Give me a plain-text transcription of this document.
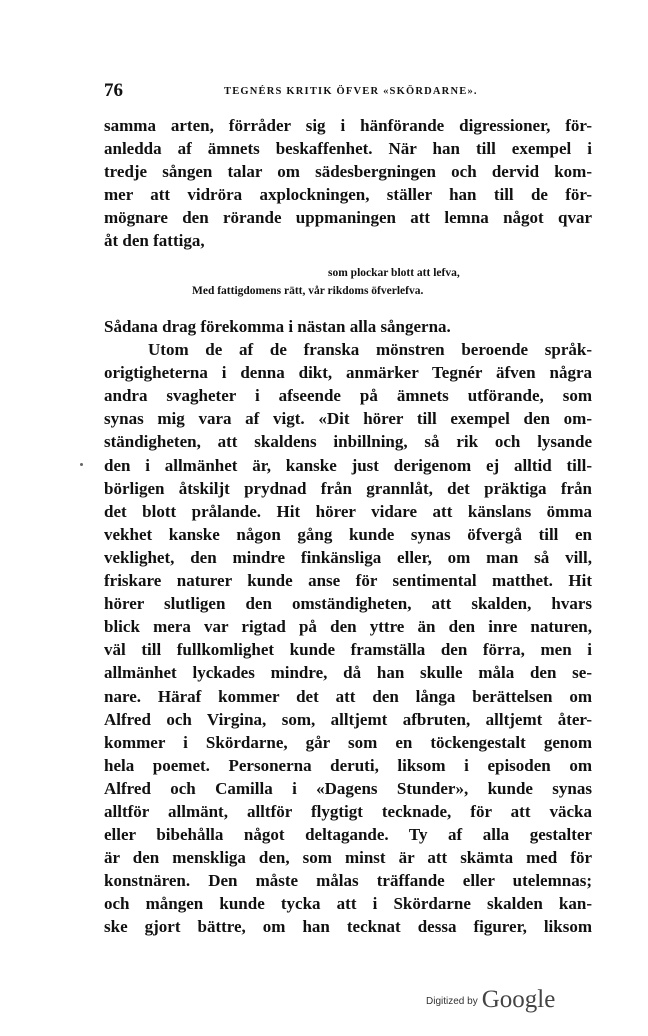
76	TEGNÉRS KRITIK ÖFVER «SKÖRDARNE».
samma arten, förråder sig i hänförande digressioner, för-
anledda af ämnets beskaffenhet. När han till exempel i
tredje sången talar om sädesbergningen och dervid kom-
mer att vidröra axplockningen, ställer han till de för-
mögnare den rörande uppmaningen att lemna något qvar
åt den fattiga,
som plockar blott att lefva,
Med fattigdomens rätt, vår rikdoms öfverlefva.
Sådana drag förekomma i nästan alla sångerna.
Utom de af de franska mönstren beroende språk-
origtigheterna i denna dikt, anmärker Tegnér äfven några
andra svagheter i afseende på ämnets utförande, som
synas mig vara af vigt. «Dit hörer till exempel den om-
ständigheten, att skaldens inbillning, så rik och lysande
den i allmänhet är, kanske just derigenom ej alltid till-
börligen åtskiljt prydnad från grannlåt, det präktiga från
det blott prålande. Hit hörer vidare att känslans ömma
vekhet kanske någon gång kunde synas öfvergå till en
veklighet, den mindre finkänsliga eller, om man så vill,
friskare naturer kunde anse för sentimental matthet. Hit
hörer slutligen den omständigheten, att skalden, hvars
blick mera var rigtad på den yttre än den inre naturen,
väl till fullkomlighet kunde framställa den förra, men i
allmänhet lyckades mindre, då han skulle måla den se-
nare. Häraf kommer det att den långa berättelsen om
Alfred och Virgina, som, alltjemt afbruten, alltjemt åter-
kommer i Skördarne, går som en töckengestalt genom
hela poemet. Personerna deruti, liksom i episoden om
Alfred och Camilla i «Dagens Stunder», kunde synas
alltför allmänt, alltför flygtigt tecknade, för att väcka
eller bibehålla något deltagande. Ty af alla gestalter
är den menskliga den, som minst är att skämta med för
konstnären. Den måste målas träffande eller utelemnas;
och mången kunde tycka att i Skördarne skalden kan-
ske gjort bättre, om han tecknat dessa figurer, liksom
Digitized by Google
